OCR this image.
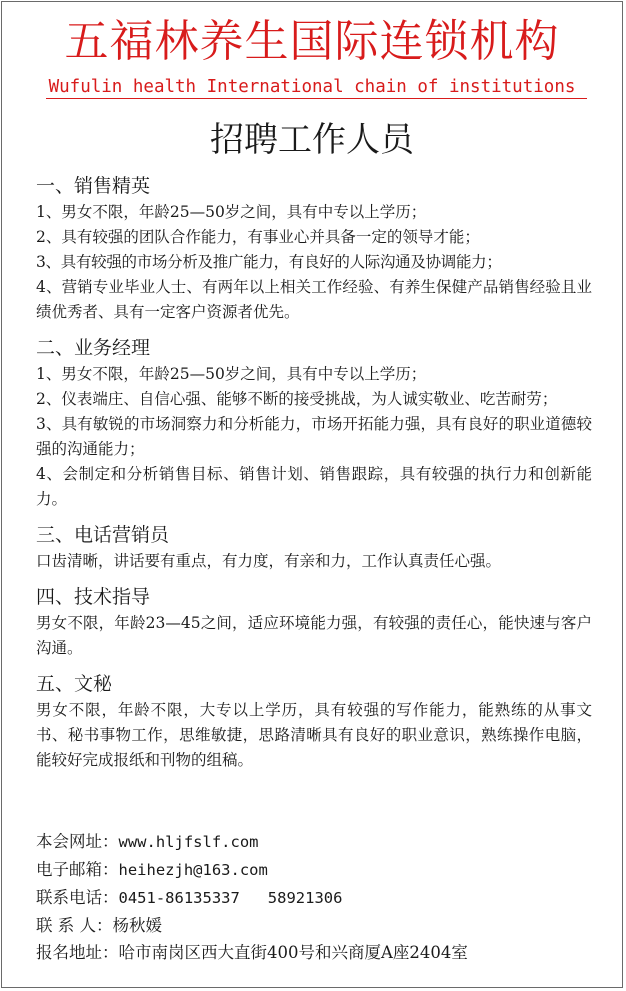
五福林养生国际连锁机构
Wufulin health International chain of institutions
招聘工作人员
一、销售精英

1、男女不限，年龄25—50岁之间，具有中专以上学历；

2、具有较强的团队合作能力，有事业心并具备一定的领导才能；

3、具有较强的市场分析及推广能力，有良好的人际沟通及协调能力；

4、营销专业毕业人士、有两年以上相关工作经验、有养生保健产品销售经验且业绩优秀者、具有一定客户资源者优先。

二、业务经理

1、男女不限，年龄25—50岁之间，具有中专以上学历；

2、仪表端庄、自信心强、能够不断的接受挑战，为人诚实敬业、吃苦耐劳；

3、具有敏锐的市场洞察力和分析能力，市场开拓能力强，具有良好的职业道德较强的沟通能力；

4、会制定和分析销售目标、销售计划、销售跟踪，具有较强的执行力和创新能力。

三、电话营销员

口齿清晰，讲话要有重点，有力度，有亲和力，工作认真责任心强。

四、技术指导

男女不限，年龄23—45之间，适应环境能力强，有较强的责任心，能快速与客户沟通。

五、文秘

男女不限，年龄不限，大专以上学历，具有较强的写作能力，能熟练的从事文书、秘书事物工作，思维敏捷，思路清晰具有良好的职业意识，熟练操作电脑，能较好完成报纸和刊物的组稿。

本会网址：www.hljfslf.com
电子邮箱：heihezjh@163.com
联系电话：0451-86135337   58921306
联 系 人：杨秋媛
报名地址：哈市南岗区西大直街400号和兴商厦A座2404室
